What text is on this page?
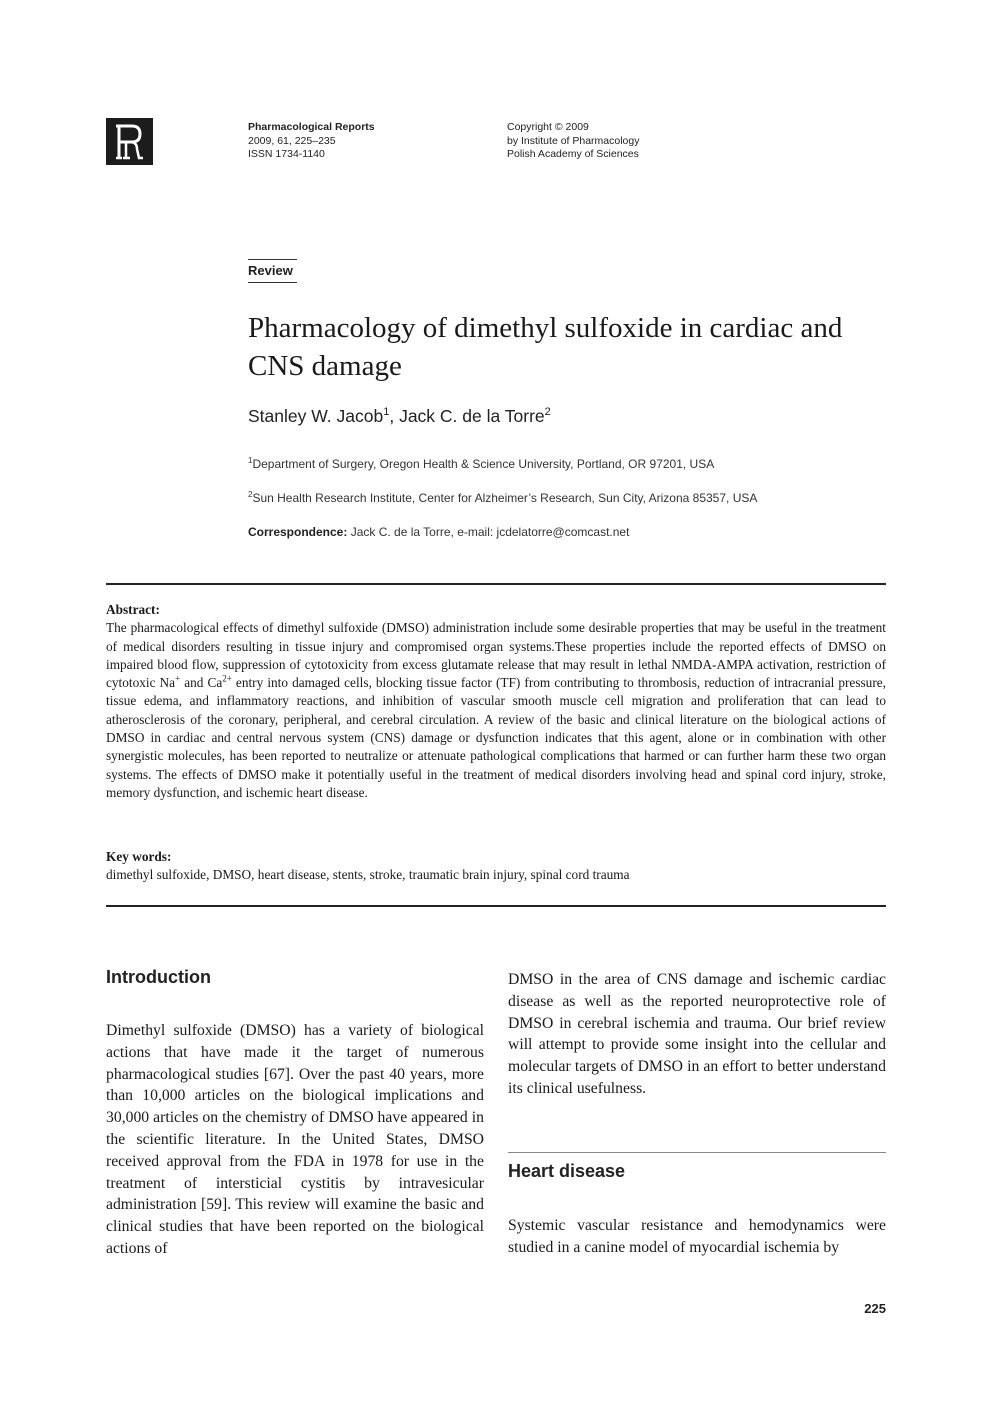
Pharmacological Reports
2009, 61, 225–235
ISSN 1734-1140
Copyright © 2009
by Institute of Pharmacology
Polish Academy of Sciences
Review
Pharmacology of dimethyl sulfoxide in cardiac and CNS damage
Stanley W. Jacob$^1$, Jack C. de la Torre$^2$
$^1$Department of Surgery, Oregon Health & Science University, Portland, OR 97201, USA
$^2$Sun Health Research Institute, Center for Alzheimer’s Research, Sun City, Arizona 85357, USA
Correspondence: Jack C. de la Torre, e-mail: jcdelatorre@comcast.net
Abstract:
The pharmacological effects of dimethyl sulfoxide (DMSO) administration include some desirable properties that may be useful in the treatment of medical disorders resulting in tissue injury and compromised organ systems.These properties include the reported effects of DMSO on impaired blood flow, suppression of cytotoxicity from excess glutamate release that may result in lethal NMDA-AMPA activation, restriction of cytotoxic Na+ and $Ca^{2+}$ entry into damaged cells, blocking tissue factor (TF) from contributing to thrombosis, reduction of intracranial pressure, tissue edema, and inflammatory reactions, and inhibition of vascular smooth muscle cell migration and proliferation that can lead to atherosclerosis of the coronary, peripheral, and cerebral circulation. A review of the basic and clinical literature on the biological actions of DMSO in cardiac and central nervous system (CNS) damage or dysfunction indicates that this agent, alone or in combination with other synergistic molecules, has been reported to neutralize or attenuate pathological complications that harmed or can further harm these two organ systems. The effects of DMSO make it potentially useful in the treatment of medical disorders involving head and spinal cord injury, stroke, memory dysfunction, and ischemic heart disease.
Key words:
dimethyl sulfoxide, DMSO, heart disease, stents, stroke, traumatic brain injury, spinal cord trauma
Introduction
Dimethyl sulfoxide (DMSO) has a variety of biological actions that have made it the target of numerous pharmacological studies [67]. Over the past 40 years, more than 10,000 articles on the biological implications and 30,000 articles on the chemistry of DMSO have appeared in the scientific literature. In the United States, DMSO received approval from the FDA in 1978 for use in the treatment of intersticial cystitis by intravesicular administration [59]. This review will examine the basic and clinical studies that have been reported on the biological actions of
DMSO in the area of CNS damage and ischemic cardiac disease as well as the reported neuroprotective role of DMSO in cerebral ischemia and trauma. Our brief review will attempt to provide some insight into the cellular and molecular targets of DMSO in an effort to better understand its clinical usefulness.
Heart disease
Systemic vascular resistance and hemodynamics were studied in a canine model of myocardial ischemia by
225
